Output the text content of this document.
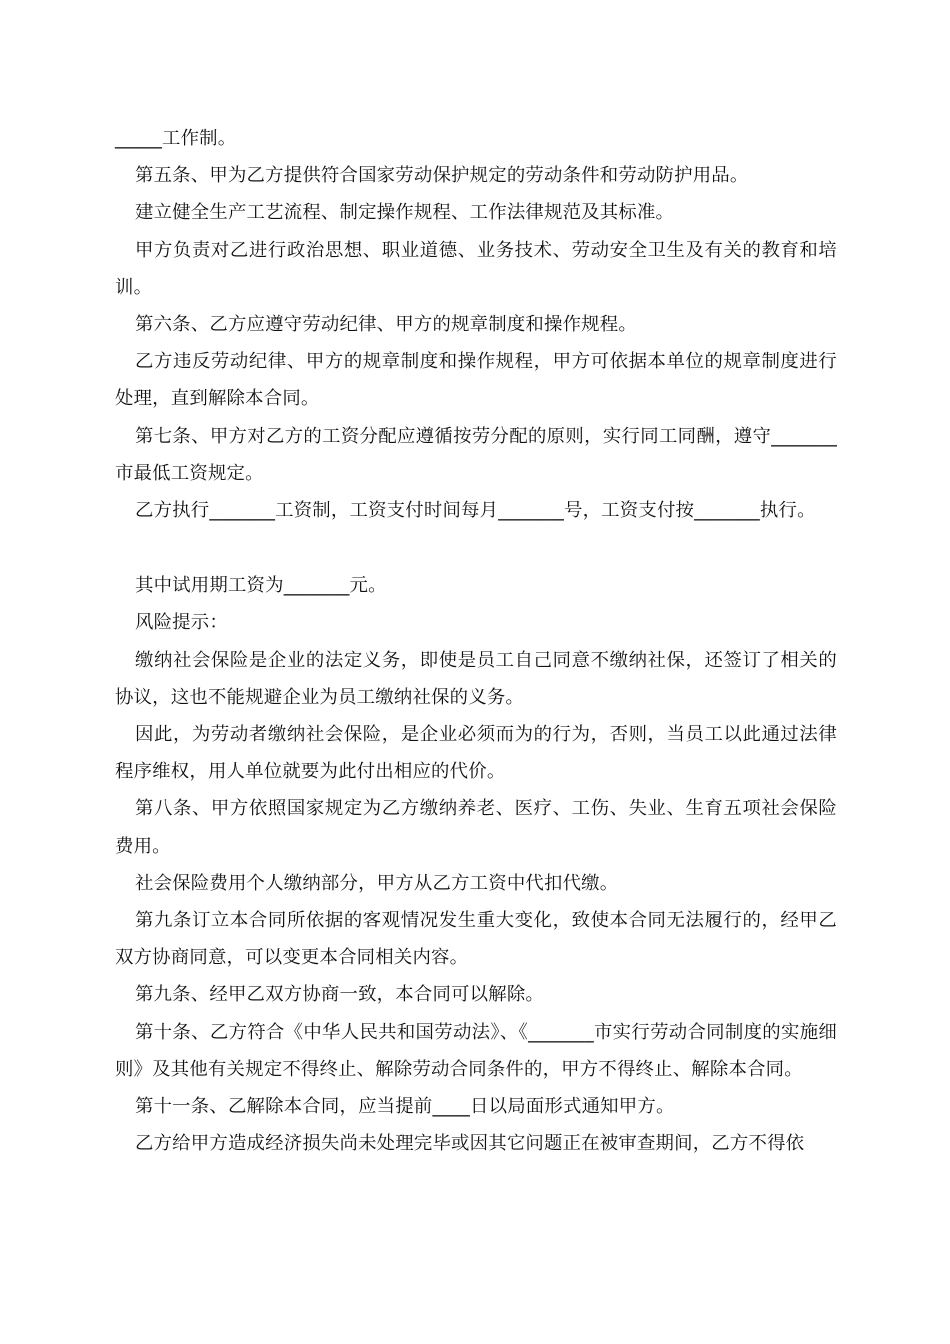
_____工作制。

第五条、甲为乙方提供符合国家劳动保护规定的劳动条件和劳动防护用品。

建立健全生产工艺流程、制定操作规程、工作法律规范及其标准。

甲方负责对乙进行政治思想、职业道德、业务技术、劳动安全卫生及有关的教育和培训。

第六条、乙方应遵守劳动纪律、甲方的规章制度和操作规程。

乙方违反劳动纪律、甲方的规章制度和操作规程，甲方可依据本单位的规章制度进行处理，直到解除本合同。

第七条、甲方对乙方的工资分配应遵循按劳分配的原则，实行同工同酬，遵守_______市最低工资规定。

乙方执行_______工资制，工资支付时间每月_______号，工资支付按_______执行。

其中试用期工资为_______元。

风险提示：

缴纳社会保险是企业的法定义务，即使是员工自己同意不缴纳社保，还签订了相关的协议，这也不能规避企业为员工缴纳社保的义务。

因此，为劳动者缴纳社会保险，是企业必须而为的行为，否则，当员工以此通过法律程序维权，用人单位就要为此付出相应的代价。

第八条、甲方依照国家规定为乙方缴纳养老、医疗、工伤、失业、生育五项社会保险费用。

社会保险费用个人缴纳部分，甲方从乙方工资中代扣代缴。

第九条订立本合同所依据的客观情况发生重大变化，致使本合同无法履行的，经甲乙双方协商同意，可以变更本合同相关内容。

第九条、经甲乙双方协商一致，本合同可以解除。

第十条、乙方符合《中华人民共和国劳动法》、《_______市实行劳动合同制度的实施细则》及其他有关规定不得终止、解除劳动合同条件的，甲方不得终止、解除本合同。

第十一条、乙解除本合同，应当提前____日以局面形式通知甲方。

乙方给甲方造成经济损失尚未处理完毕或因其它问题正在被审查期间，乙方不得依
